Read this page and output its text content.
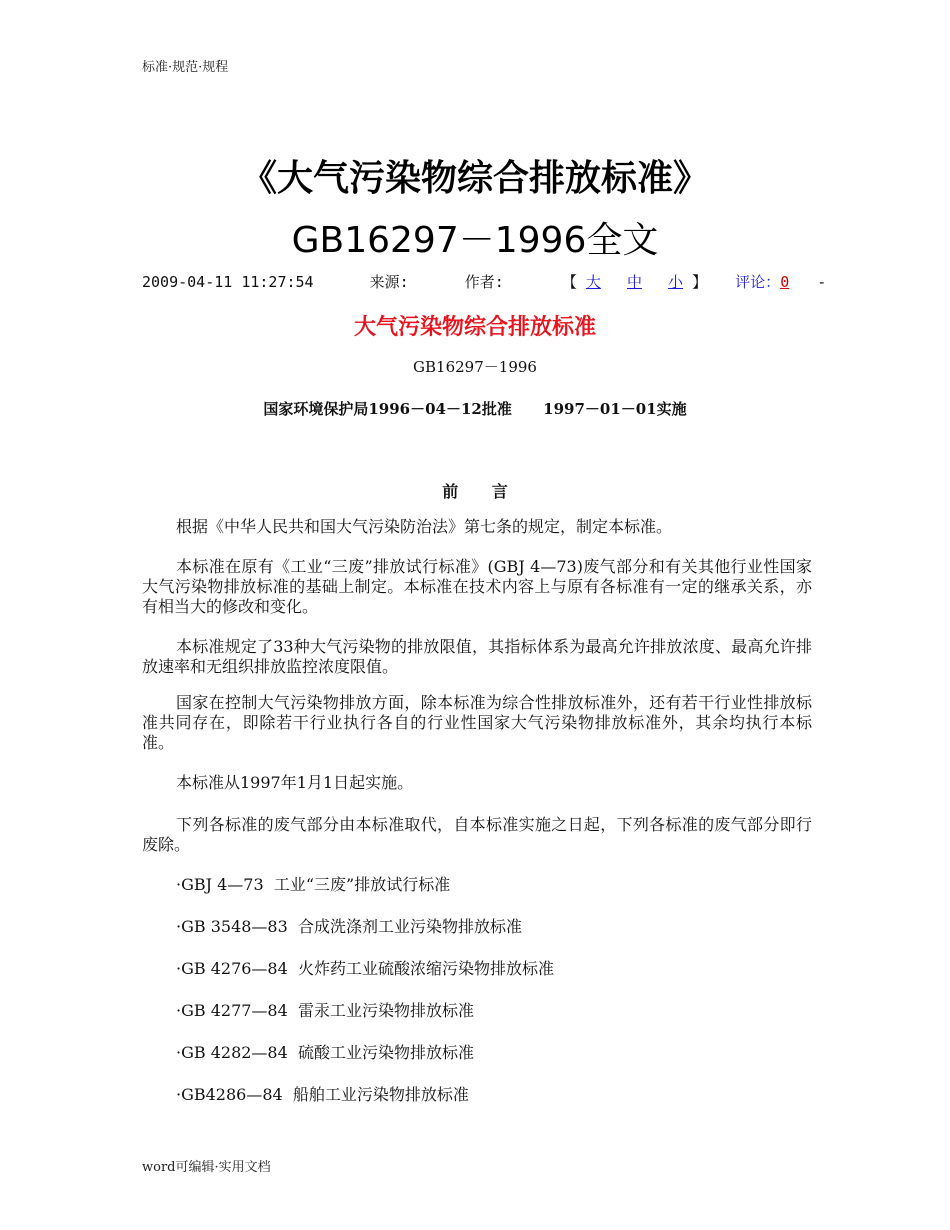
标准·规范·规程
《大气污染物综合排放标准》
GB16297－1996全文
2009-04-11 11:27:54	来源:	作者:	【 大 中 小 】 评论：0 -
大气污染物综合排放标准
GB16297－1996
国家环境保护局1996－04－12批准      1997－01－01实施
前      言

根据《中华人民共和国大气污染防治法》第七条的规定，制定本标准。

本标准在原有《工业“三废”排放试行标准》(GBJ 4—73)废气部分和有关其他行业性国家大气污染物排放标准的基础上制定。本标准在技术内容上与原有各标准有一定的继承关系，亦有相当大的修改和变化。

本标准规定了33种大气污染物的排放限值，其指标体系为最高允许排放浓度、最高允许排放速率和无组织排放监控浓度限值。

国家在控制大气污染物排放方面，除本标准为综合性排放标准外，还有若干行业性排放标准共同存在，即除若干行业执行各自的行业性国家大气污染物排放标准外，其余均执行本标准。

本标准从1997年1月1日起实施。

下列各标准的废气部分由本标准取代，自本标准实施之日起，下列各标准的废气部分即行废除。

·GBJ 4—73  工业“三废”排放试行标准
·GB 3548—83  合成洗涤剂工业污染物排放标准
·GB 4276—84  火炸药工业硫酸浓缩污染物排放标准
·GB 4277—84  雷汞工业污染物排放标准
·GB 4282—84  硫酸工业污染物排放标准
·GB4286—84  船舶工业污染物排放标准
word可编辑·实用文档
